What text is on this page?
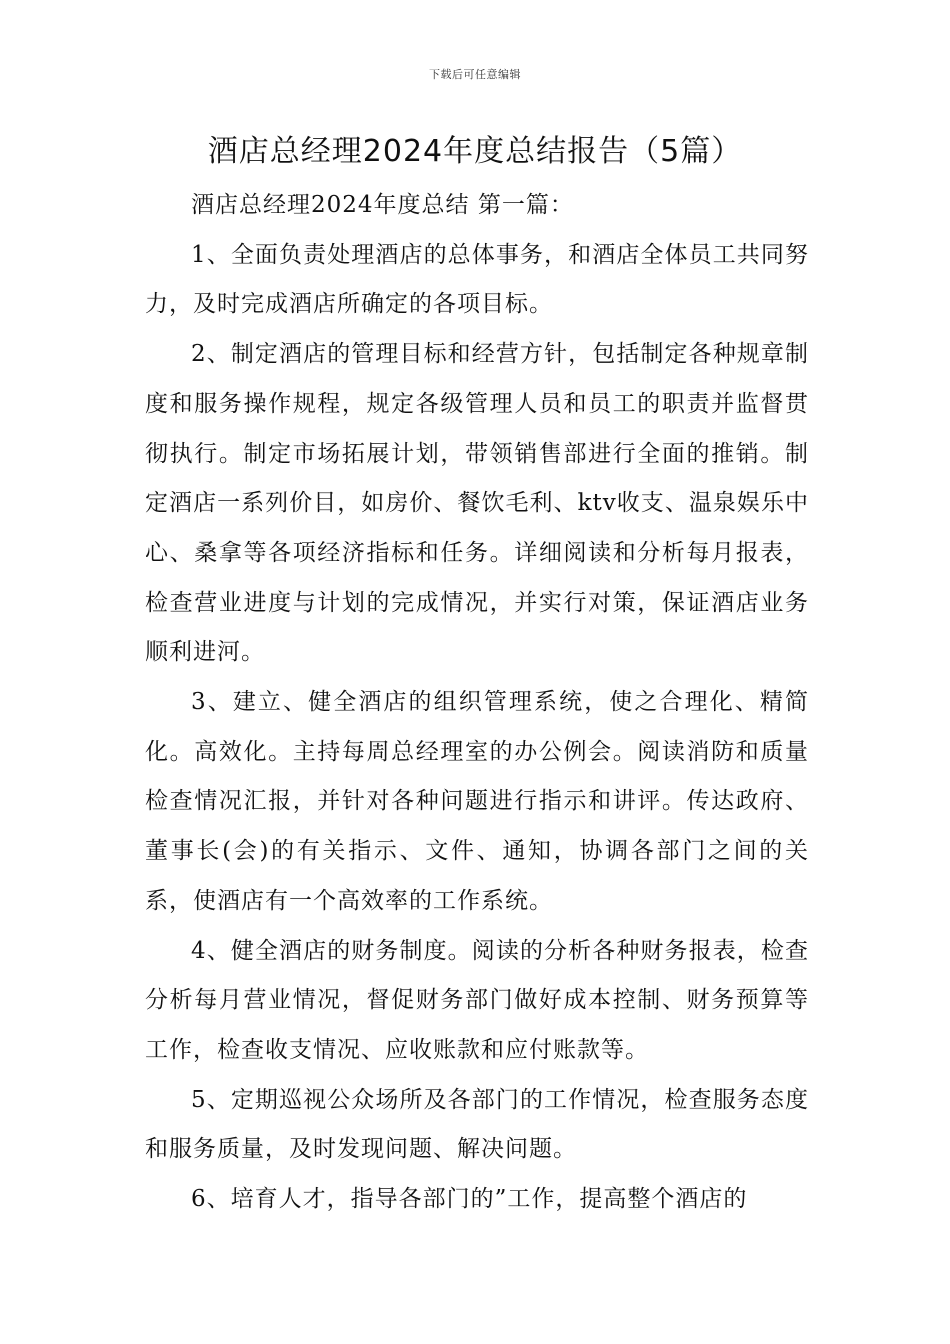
下载后可任意编辑
酒店总经理2024年度总结报告（5篇）

酒店总经理2024年度总结 第一篇：

1、全面负责处理酒店的总体事务，和酒店全体员工共同努力，及时完成酒店所确定的各项目标。

2、制定酒店的管理目标和经营方针，包括制定各种规章制度和服务操作规程，规定各级管理人员和员工的职责并监督贯彻执行。制定市场拓展计划，带领销售部进行全面的推销。制定酒店一系列价目，如房价、餐饮毛利、ktv收支、温泉娱乐中心、桑拿等各项经济指标和任务。详细阅读和分析每月报表，检查营业进度与计划的完成情况，并实行对策，保证酒店业务顺利进河。

3、建立、健全酒店的组织管理系统，使之合理化、精简化。高效化。主持每周总经理室的办公例会。阅读消防和质量检查情况汇报，并针对各种问题进行指示和讲评。传达政府、董事长(会)的有关指示、文件、通知，协调各部门之间的关系，使酒店有一个高效率的工作系统。

4、健全酒店的财务制度。阅读的分析各种财务报表，检查分析每月营业情况，督促财务部门做好成本控制、财务预算等工作，检查收支情况、应收账款和应付账款等。

5、定期巡视公众场所及各部门的工作情况，检查服务态度和服务质量，及时发现问题、解决问题。

6、培育人才，指导各部门的”工作，提高整个酒店的
